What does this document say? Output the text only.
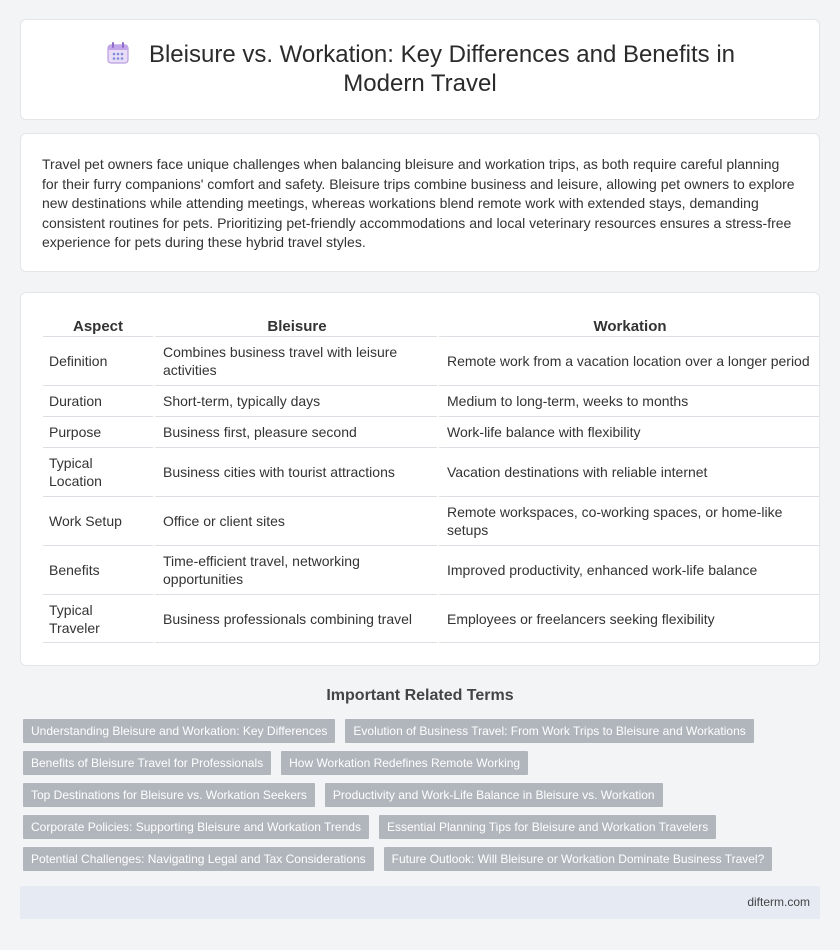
Bleisure vs. Workation: Key Differences and Benefits in Modern Travel

Travel pet owners face unique challenges when balancing bleisure and workation trips, as both require careful planning for their furry companions' comfort and safety. Bleisure trips combine business and leisure, allowing pet owners to explore new destinations while attending meetings, whereas workations blend remote work with extended stays, demanding consistent routines for pets. Prioritizing pet-friendly accommodations and local veterinary resources ensures a stress-free experience for pets during these hybrid travel styles.

Aspect	Bleisure	Workation
Definition	Combines business travel with leisure activities	Remote work from a vacation location over a longer period
Duration	Short-term, typically days	Medium to long-term, weeks to months
Purpose	Business first, pleasure second	Work-life balance with flexibility
Typical Location	Business cities with tourist attractions	Vacation destinations with reliable internet
Work Setup	Office or client sites	Remote workspaces, co-working spaces, or home-like setups
Benefits	Time-efficient travel, networking opportunities	Improved productivity, enhanced work-life balance
Typical Traveler	Business professionals combining travel	Employees or freelancers seeking flexibility
Important Related Terms
Understanding Bleisure and Workation: Key Differences Evolution of Business Travel: From Work Trips to Bleisure and Workations
Benefits of Bleisure Travel for Professionals How Workation Redefines Remote Working
Top Destinations for Bleisure vs. Workation Seekers Productivity and Work-Life Balance in Bleisure vs. Workation
Corporate Policies: Supporting Bleisure and Workation Trends Essential Planning Tips for Bleisure and Workation Travelers
Potential Challenges: Navigating Legal and Tax Considerations Future Outlook: Will Bleisure or Workation Dominate Business Travel?
difterm.com
